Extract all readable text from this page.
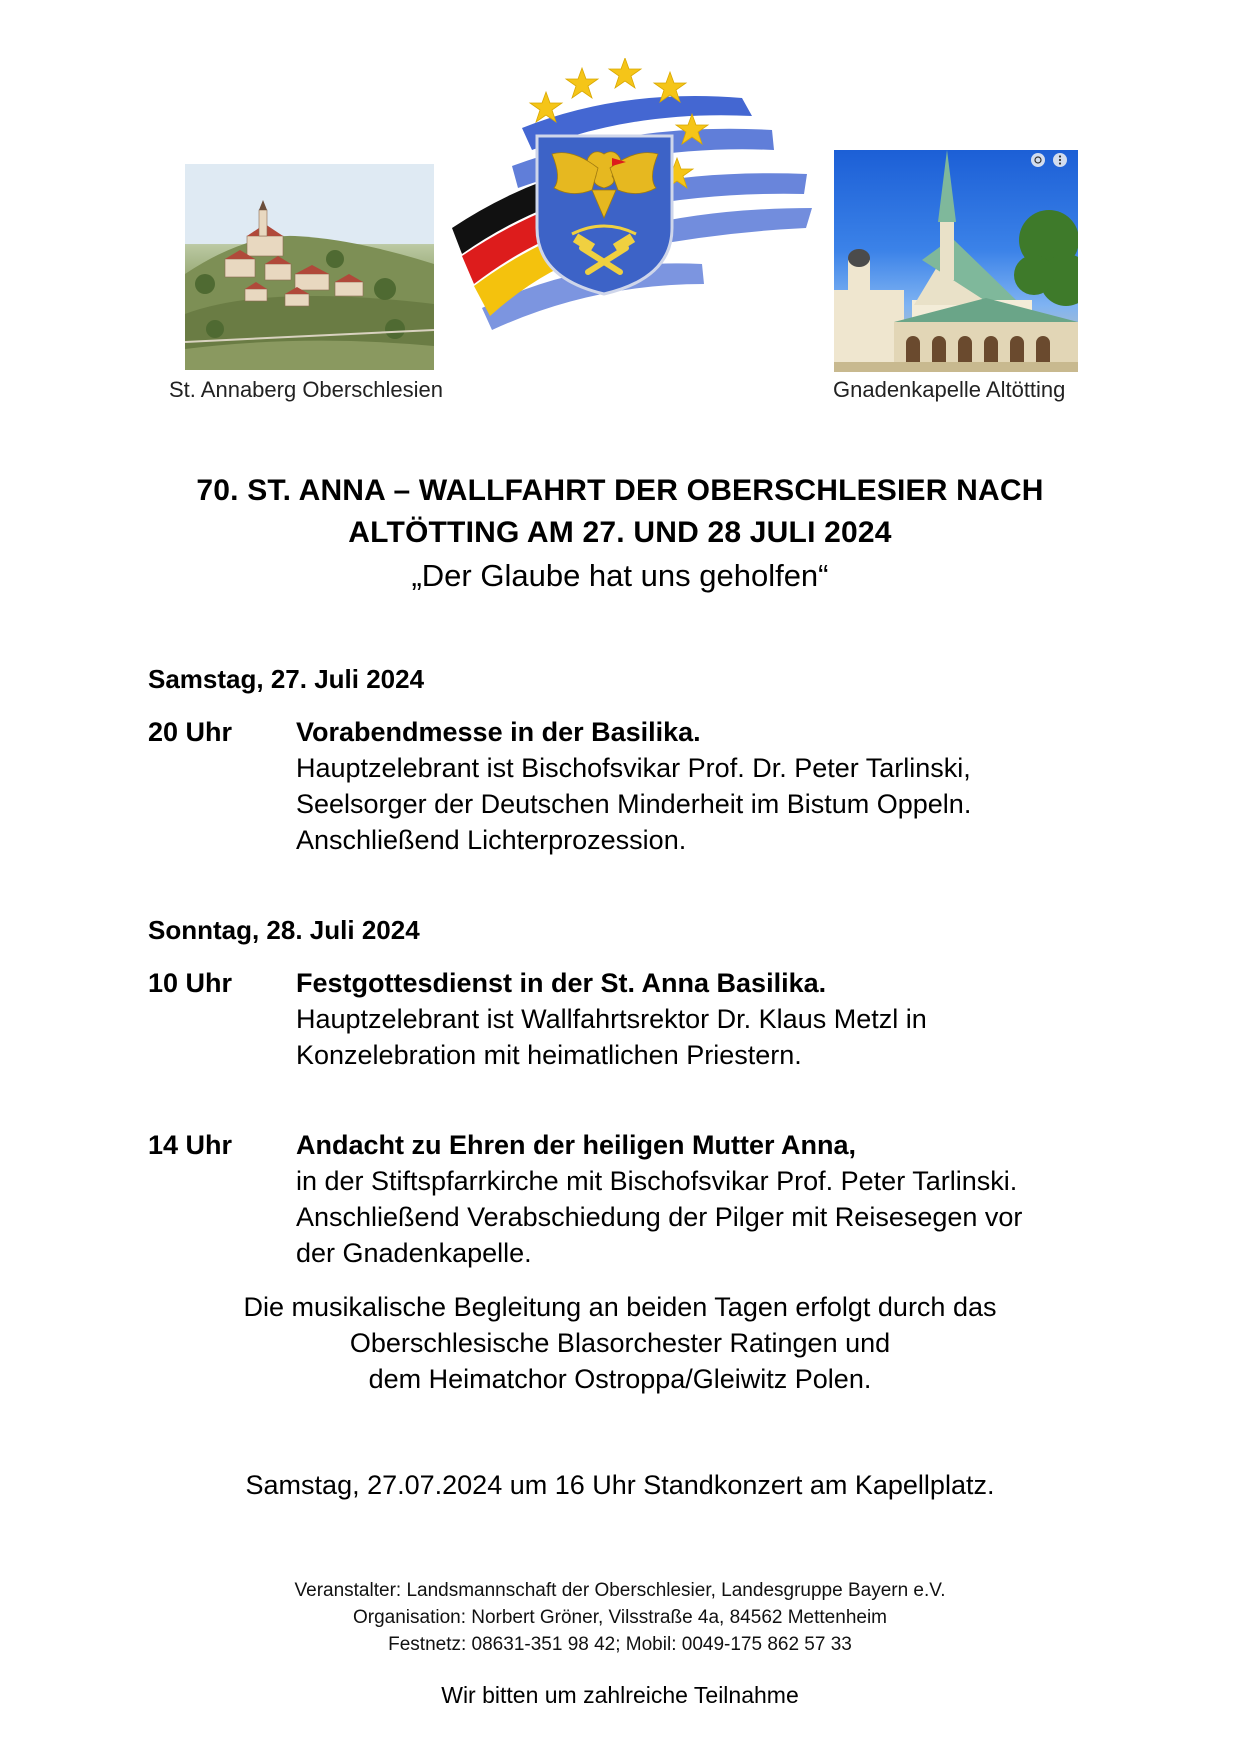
St. Annaberg Oberschlesien	Gnadenkapelle Altötting
70. ST. ANNA – WALLFAHRT DER OBERSCHLESIER NACH
ALTÖTTING AM 27. UND 28 JULI 2024
„Der Glaube hat uns geholfen“
Samstag, 27. Juli 2024
20 Uhr Vorabendmesse in der Basilika.
Hauptzelebrant ist Bischofsvikar Prof. Dr. Peter Tarlinski,
Seelsorger der Deutschen Minderheit im Bistum Oppeln.
Anschließend Lichterprozession.
Sonntag, 28. Juli 2024
10 Uhr Festgottesdienst in der St. Anna Basilika.
Hauptzelebrant ist Wallfahrtsrektor Dr. Klaus Metzl in
Konzelebration mit heimatlichen Priestern.
14 Uhr Andacht zu Ehren der heiligen Mutter Anna,
in der Stiftspfarrkirche mit Bischofsvikar Prof. Peter Tarlinski.
Anschließend Verabschiedung der Pilger mit Reisesegen vor
der Gnadenkapelle.
Die musikalische Begleitung an beiden Tagen erfolgt durch das
Oberschlesische Blasorchester Ratingen und
dem Heimatchor Ostroppa/Gleiwitz Polen.
Samstag, 27.07.2024 um 16 Uhr Standkonzert am Kapellplatz.
Veranstalter: Landsmannschaft der Oberschlesier, Landesgruppe Bayern e.V.
Organisation: Norbert Gröner, Vilsstraße 4a, 84562 Mettenheim
Festnetz: 08631-351 98 42; Mobil: 0049-175 862 57 33
Wir bitten um zahlreiche Teilnahme
